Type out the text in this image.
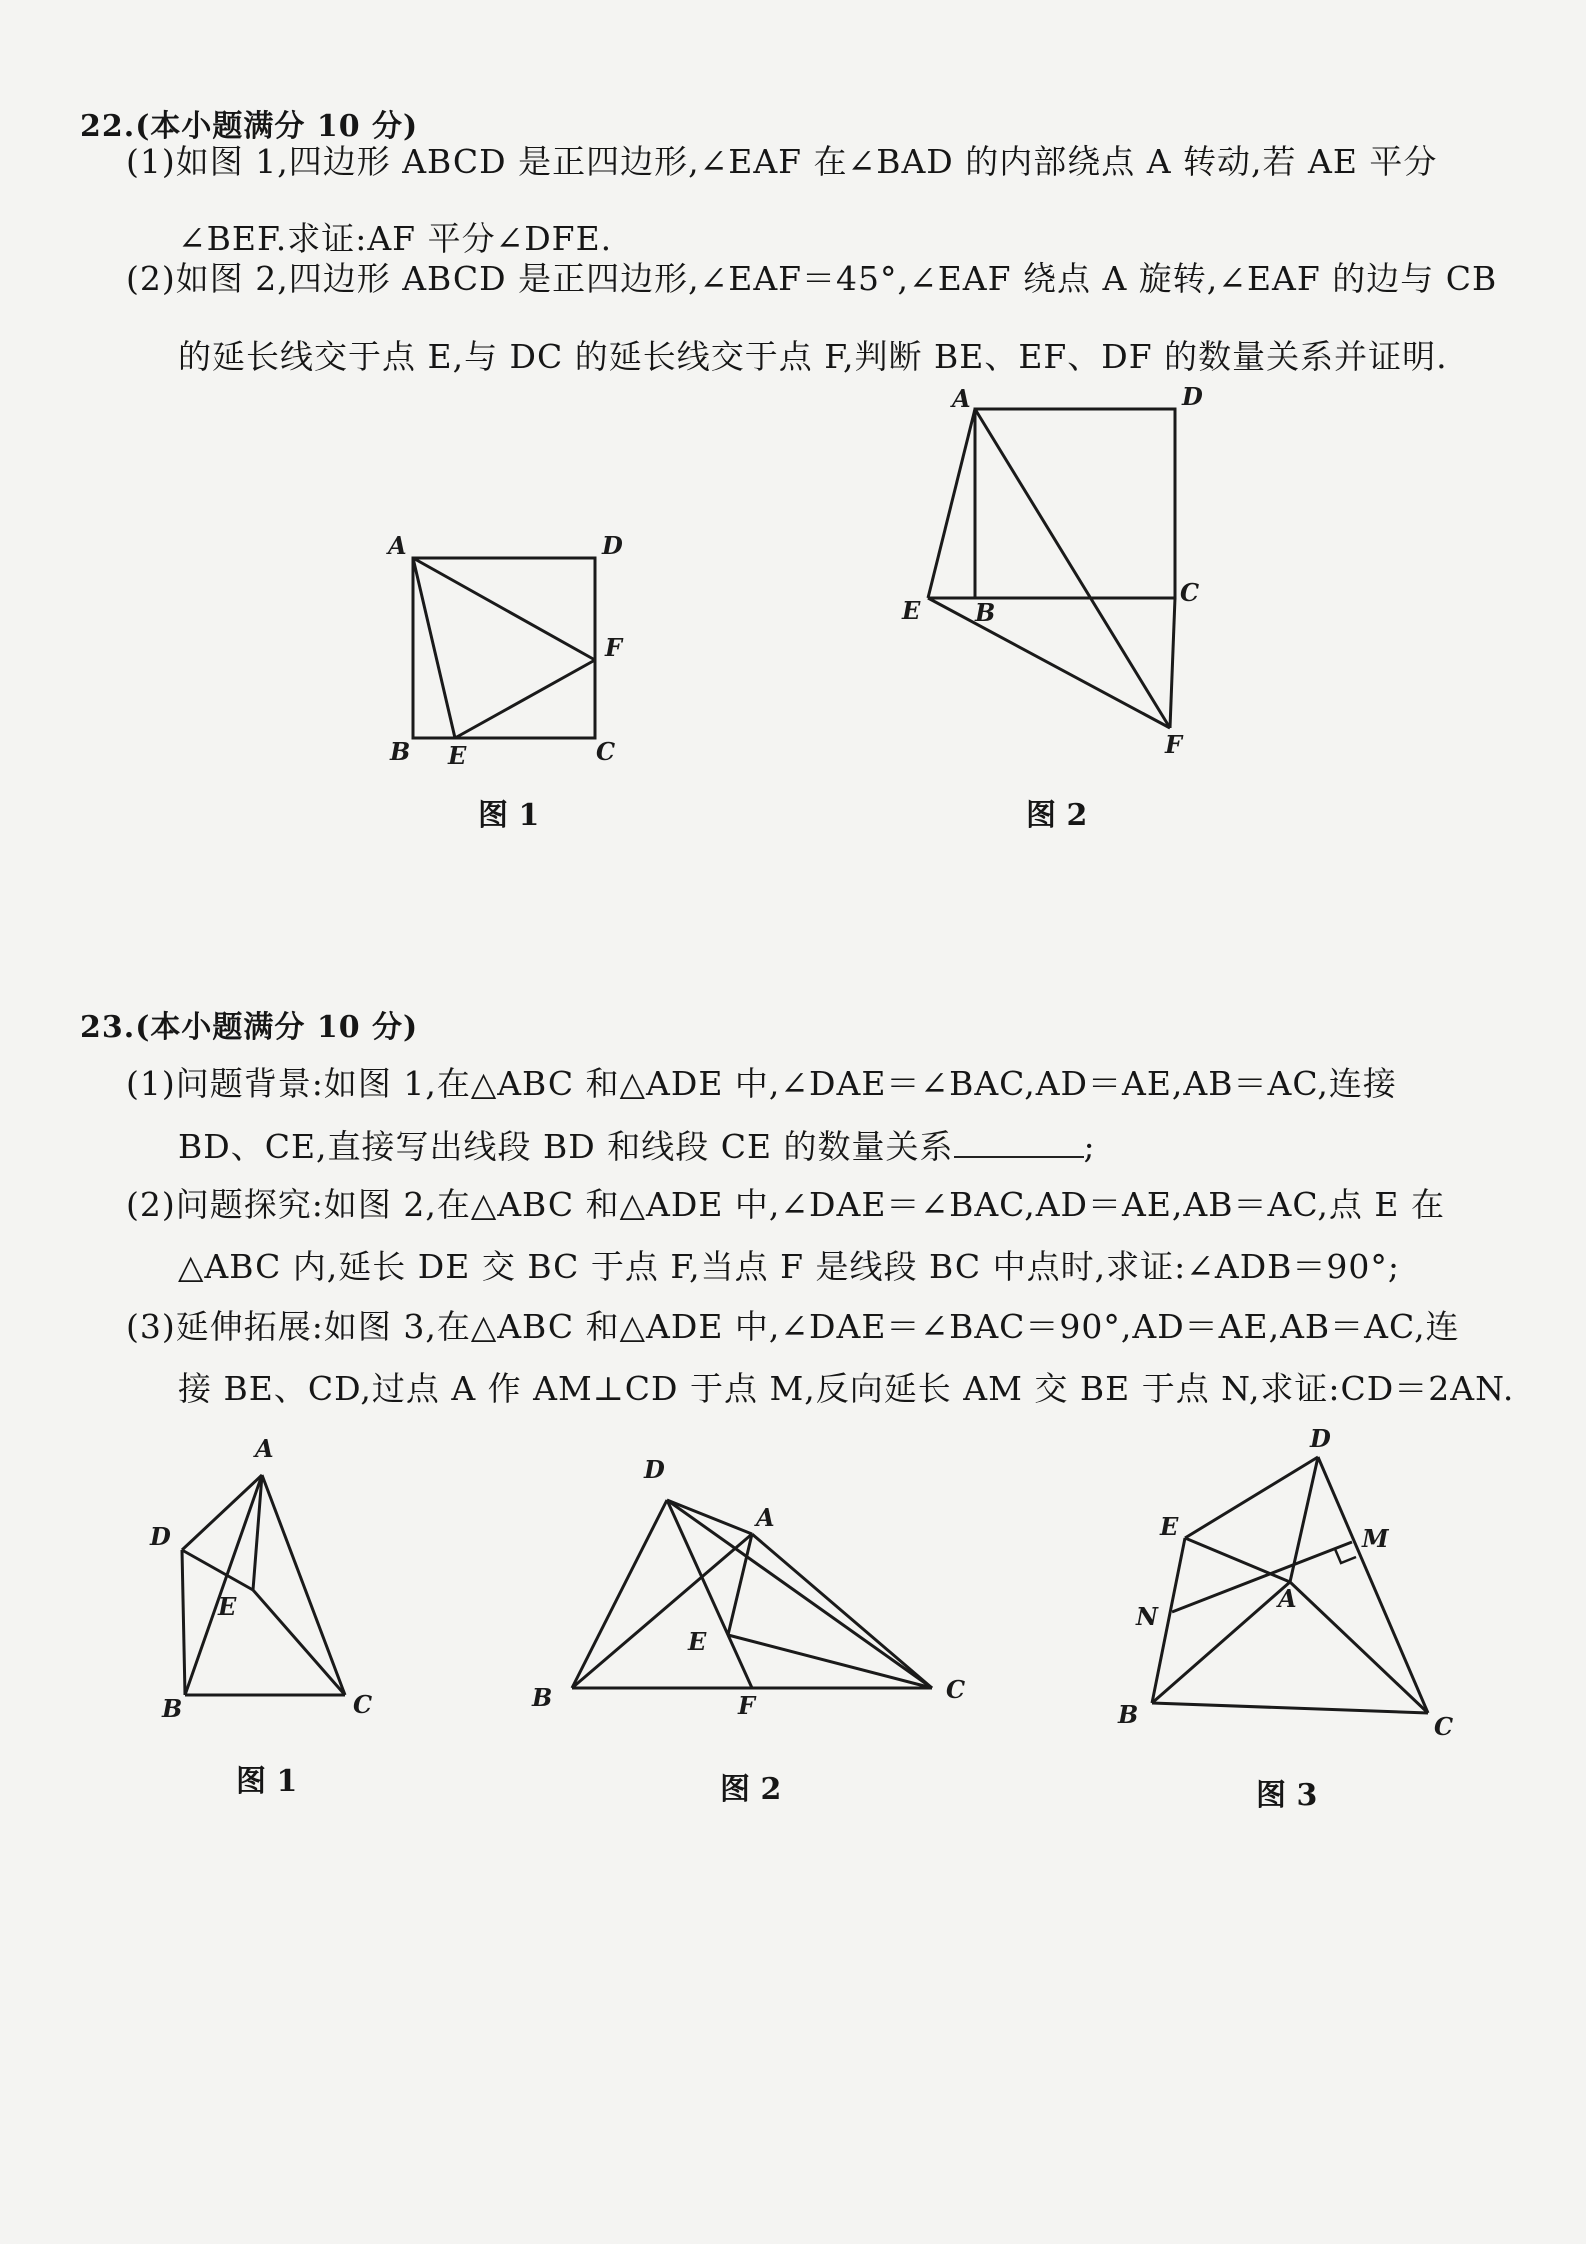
22.(本小题满分 10 分)
(1)如图 1,四边形 ABCD 是正四边形,∠EAF 在∠BAD 的内部绕点 A 转动,若 AE 平分
∠BEF.求证:AF 平分∠DFE.
(2)如图 2,四边形 ABCD 是正四边形,∠EAF＝45°,∠EAF 绕点 A 旋转,∠EAF 的边与 CB
的延长线交于点 E,与 DC 的延长线交于点 F,判断 BE、EF、DF 的数量关系并证明.
A	D
F
B E	C
图 1
A	D
E B
C
F
图 2
23.(本小题满分 10 分)
(1)问题背景:如图 1,在△ABC 和△ADE 中,∠DAE＝∠BAC,AD＝AE,AB＝AC,连接
BD、CE,直接写出线段 BD 和线段 CE 的数量关系	;
(2)问题探究:如图 2,在△ABC 和△ADE 中,∠DAE＝∠BAC,AD＝AE,AB＝AC,点 E 在
△ABC 内,延长 DE 交 BC 于点 F,当点 F 是线段 BC 中点时,求证:∠ADB＝90°;
(3)延伸拓展:如图 3,在△ABC 和△ADE 中,∠DAE＝∠BAC＝90°,AD＝AE,AB＝AC,连
接 BE、CD,过点 A 作 AM⊥CD 于点 M,反向延长 AM 交 BE 于点 N,求证:CD＝2AN.
A
D
E
B	C
图 1
D
A
E
B	F
C
图 2
D
E	M
A
N
B	C
图 3
